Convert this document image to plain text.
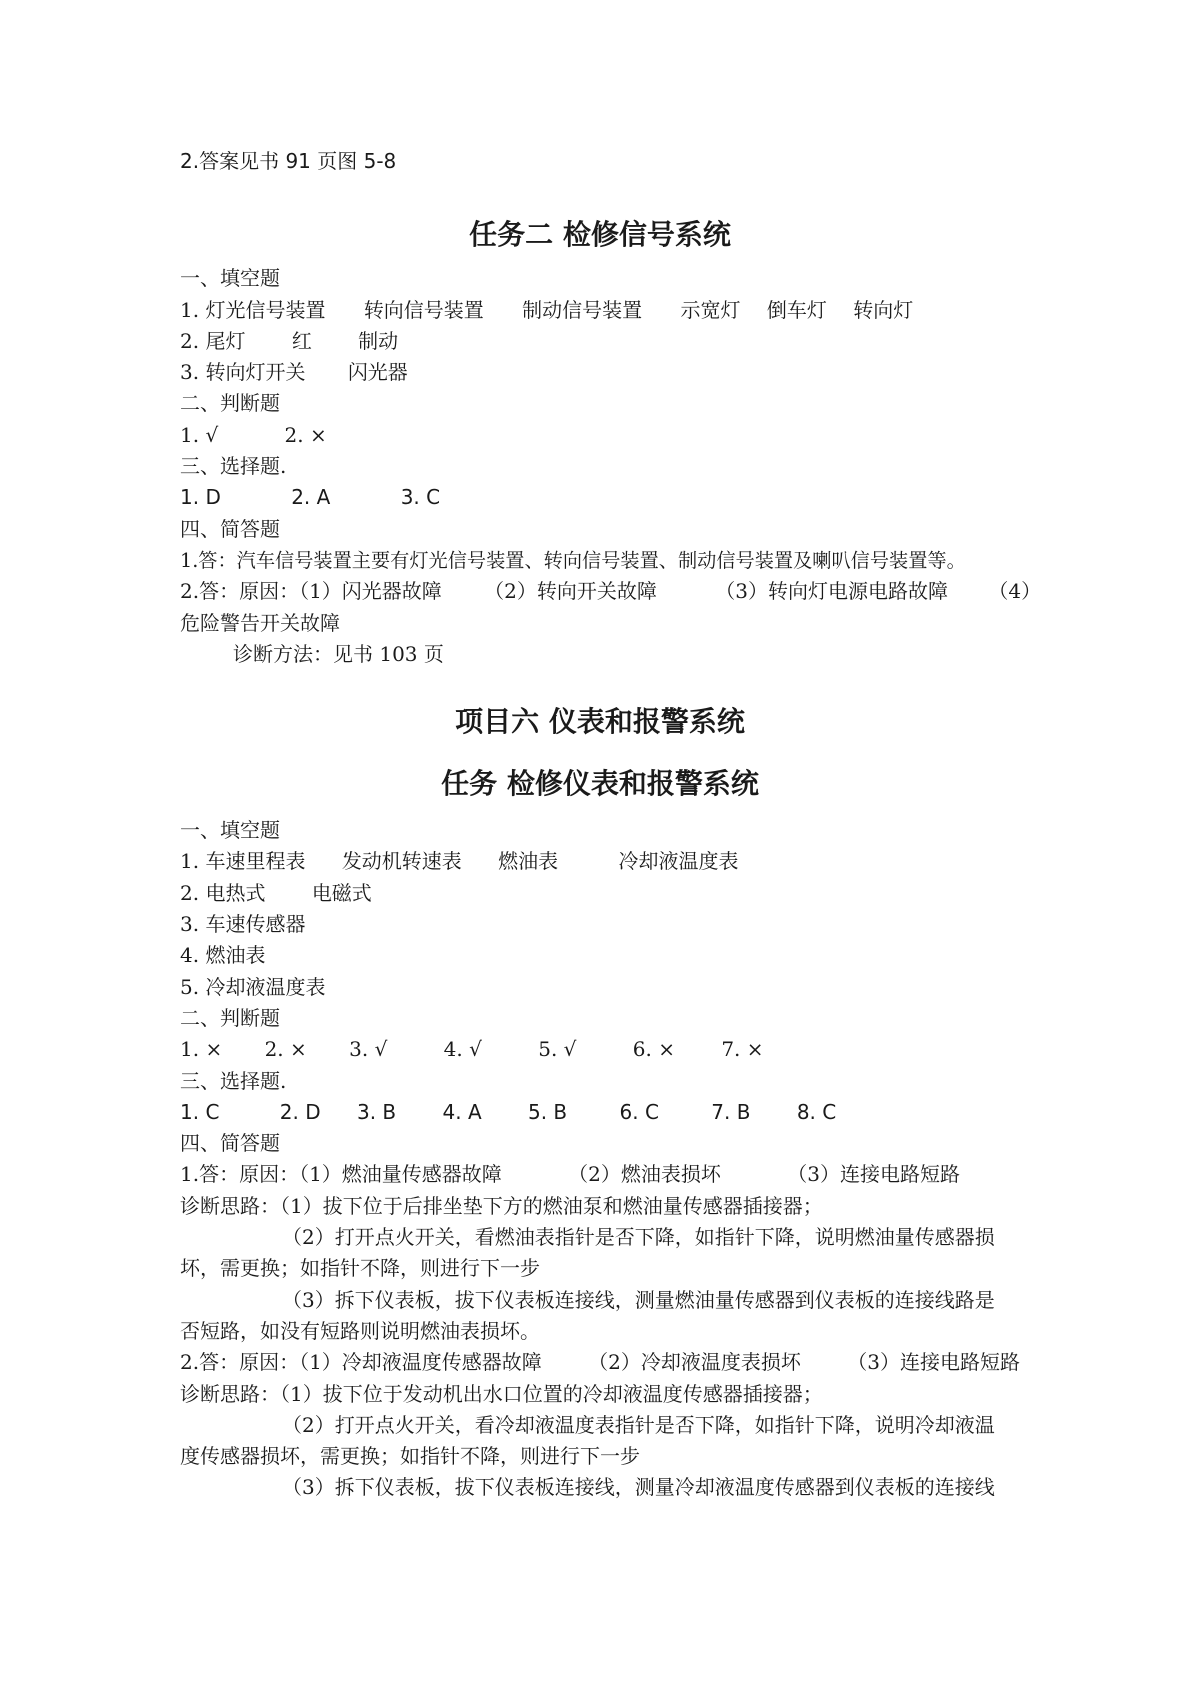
2.答案见书 91 页图 5-8
任务二 检修信号系统
一、填空题
1. 灯光信号装置 转向信号装置 制动信号装置 示宽灯 倒车灯 转向灯
2. 尾灯 红 制动
3. 转向灯开关 闪光器
二、判断题
1. √	2. ×
三、选择题.
1. D	2. A	3. C
四、简答题
1.答：汽车信号装置主要有灯光信号装置、转向信号装置、制动信号装置及喇叭信号装置等。
2.答：原因：（1）闪光器故障 （2）转向开关故障	（3）转向灯电源电路故障 （4）
危险警告开关故障
诊断方法：见书 103 页
项目六 仪表和报警系统
任务 检修仪表和报警系统
一、填空题
1. 车速里程表 发动机转速表 燃油表	冷却液温度表
2. 电热式 电磁式
3. 车速传感器
4. 燃油表
5. 冷却液温度表
二、判断题
1. × 2. × 3. √	4. √	5. √	6. × 7. ×
三、选择题.
1. C	2. D 3. B 4. A 5. B	6. C	7. B 8. C
四、简答题
1.答：原因：（1）燃油量传感器故障	（2）燃油表损坏	（3）连接电路短路
诊断思路：（1）拔下位于后排坐垫下方的燃油泵和燃油量传感器插接器；
（2）打开点火开关，看燃油表指针是否下降，如指针下降，说明燃油量传感器损
坏，需更换；如指针不降，则进行下一步
（3）拆下仪表板，拔下仪表板连接线，测量燃油量传感器到仪表板的连接线路是
否短路，如没有短路则说明燃油表损坏。
2.答：原因：（1）冷却液温度传感器故障 （2）冷却液温度表损坏 （3）连接电路短路
诊断思路：（1）拔下位于发动机出水口位置的冷却液温度传感器插接器；
（2）打开点火开关，看冷却液温度表指针是否下降，如指针下降，说明冷却液温
度传感器损坏，需更换；如指针不降，则进行下一步
（3）拆下仪表板，拔下仪表板连接线，测量冷却液温度传感器到仪表板的连接线
